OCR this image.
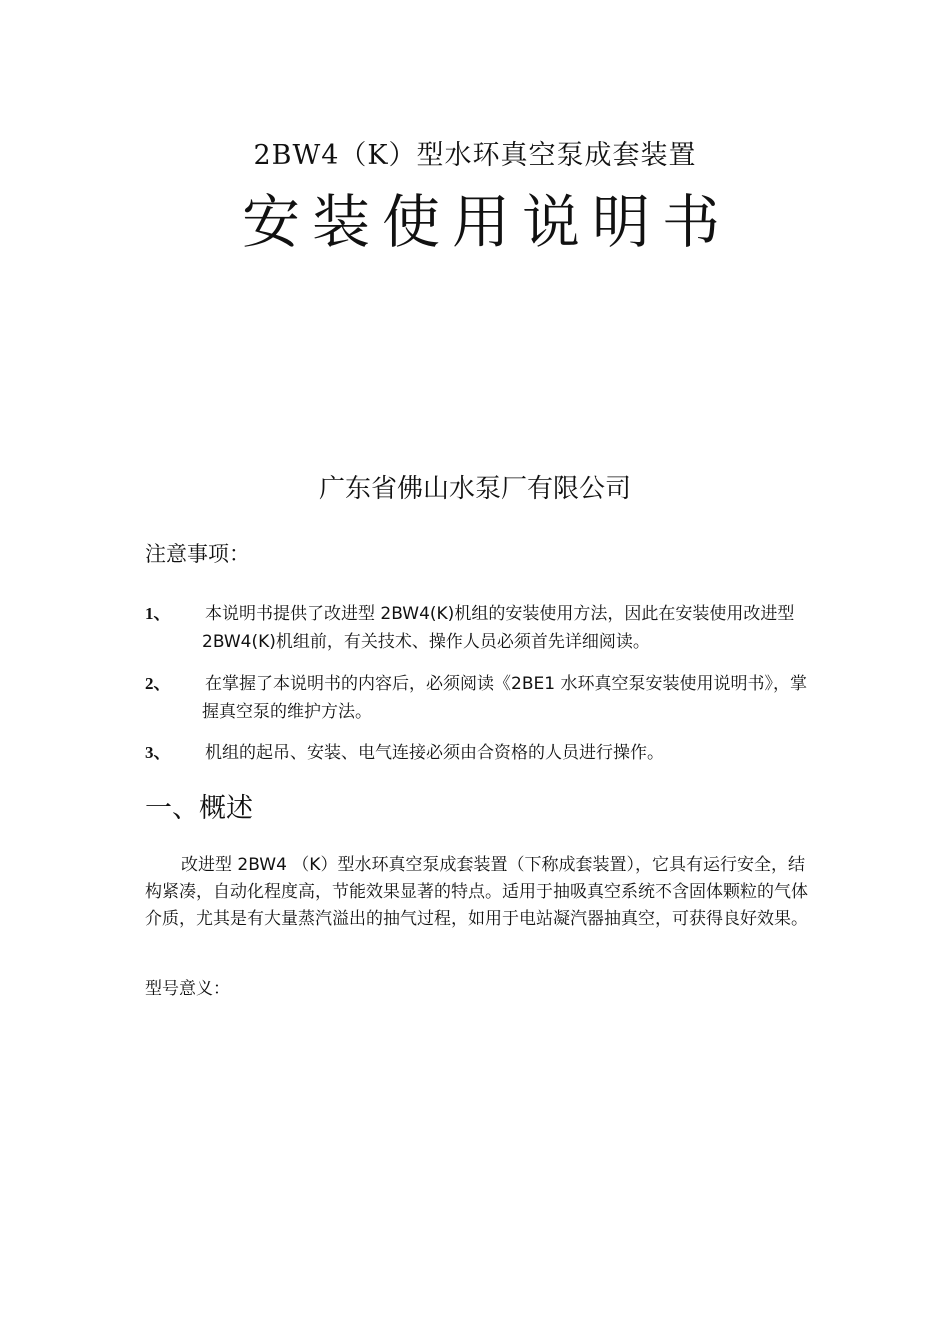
2BW4（K）型水环真空泵成套装置
安装使用说明书
广东省佛山水泵厂有限公司
注意事项：
1、 本说明书提供了改进型 2BW4(K)机组的安装使用方法，因此在安装使用改进型 2BW4(K)机组前，有关技术、操作人员必须首先详细阅读。
2、 在掌握了本说明书的内容后，必须阅读《2BE1 水环真空泵安装使用说明书》，掌握真空泵的维护方法。
3、 机组的起吊、安装、电气连接必须由合资格的人员进行操作。
一、概述
改进型 2BW4 （K）型水环真空泵成套装置（下称成套装置），它具有运行安全，结构紧凑，自动化程度高，节能效果显著的特点。适用于抽吸真空系统不含固体颗粒的气体介质，尤其是有大量蒸汽溢出的抽气过程，如用于电站凝汽器抽真空，可获得良好效果。
型号意义：
